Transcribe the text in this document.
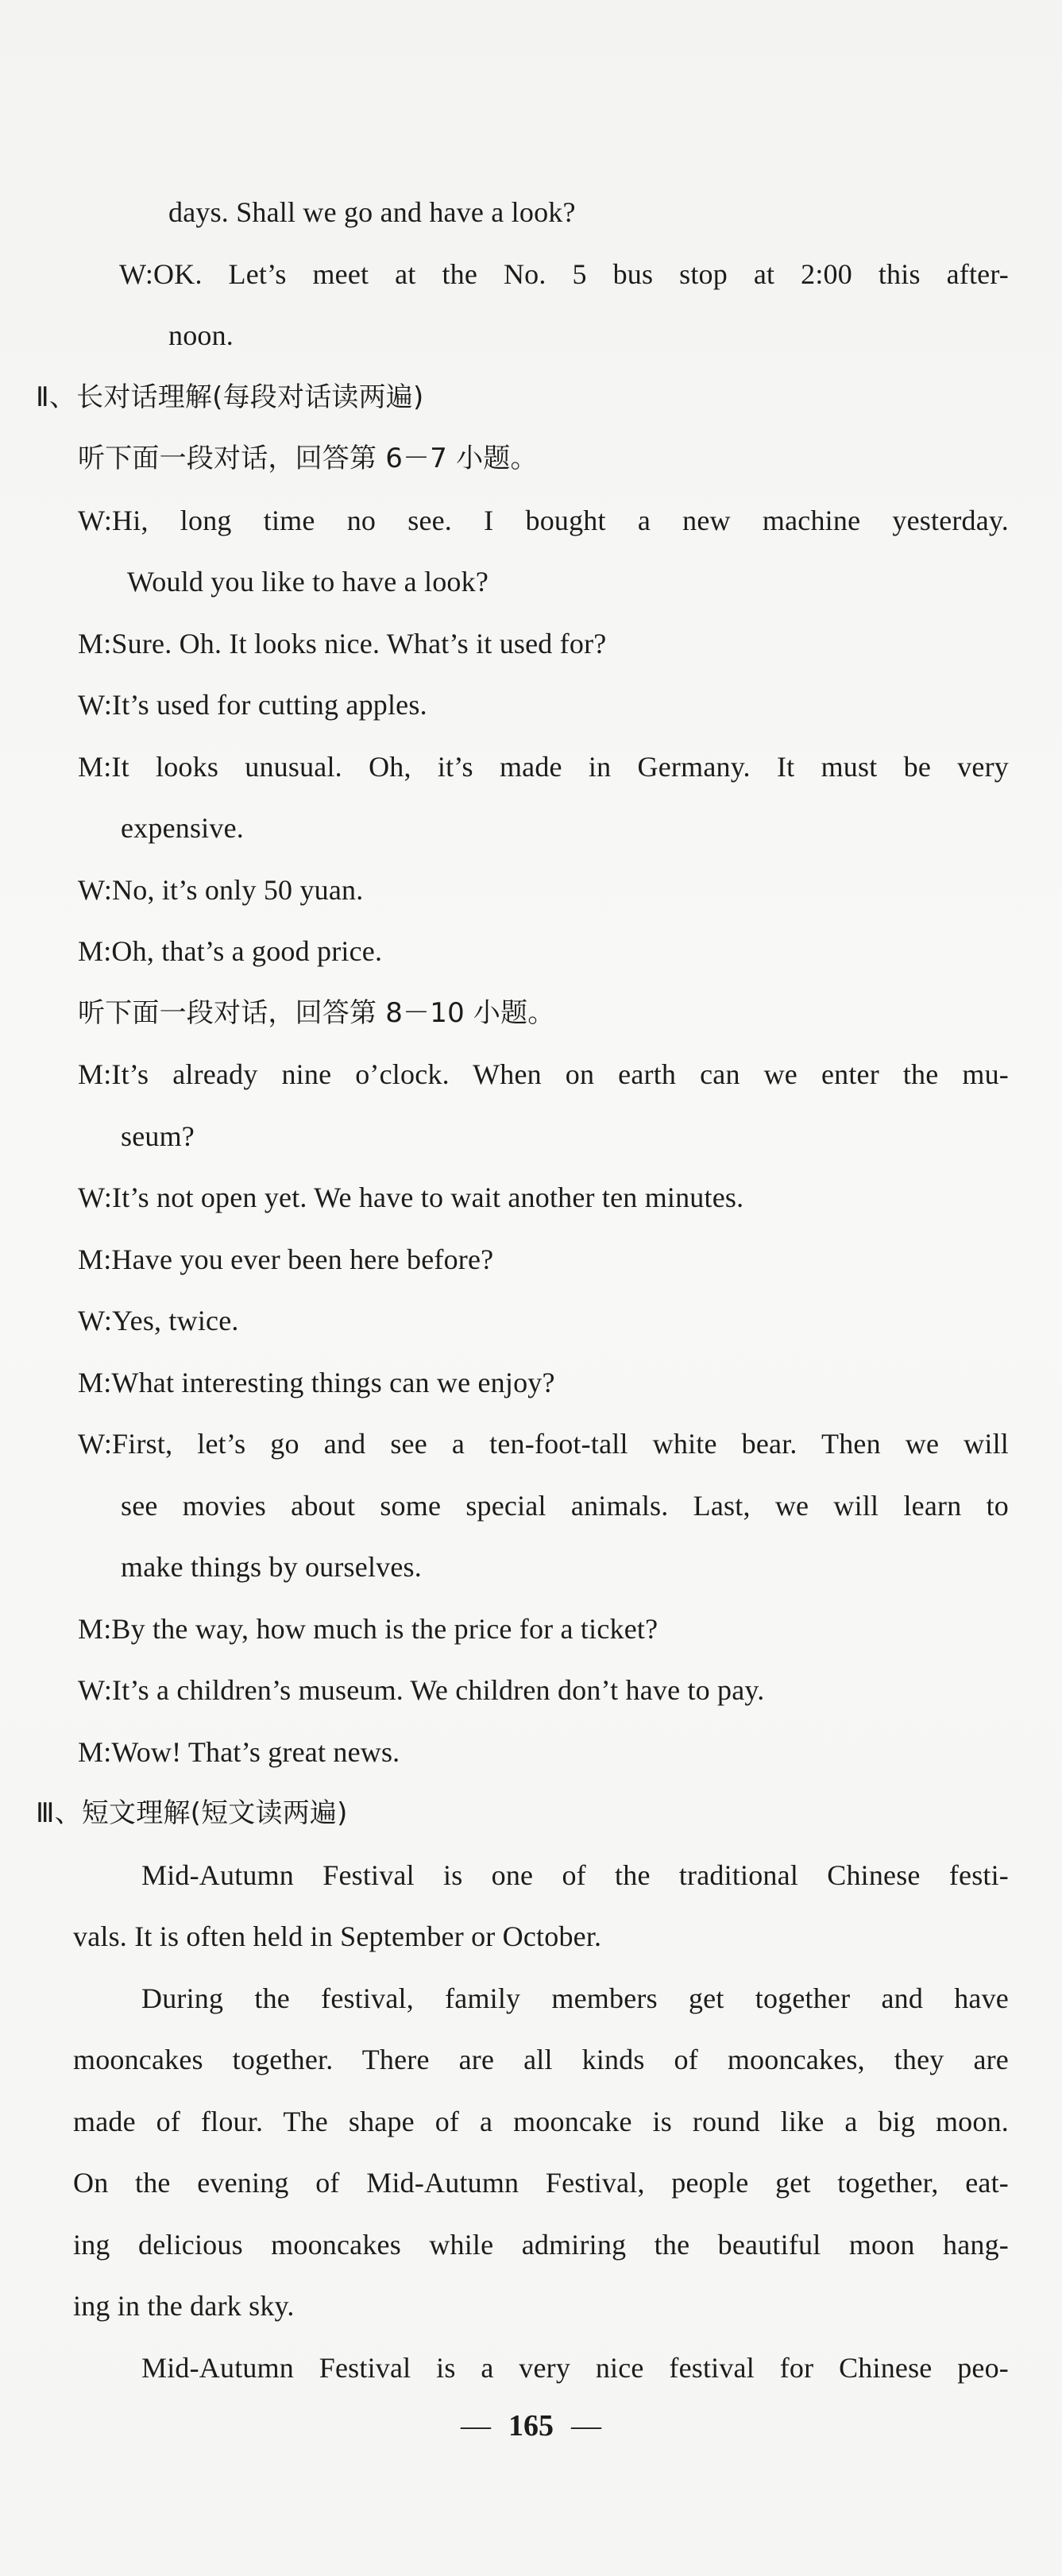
days. Shall we go and have a look?
W:OK. Let’s meet at the No. 5 bus stop at 2:00 this after-
noon.
Ⅱ、长对话理解(每段对话读两遍)
听下面一段对话，回答第 6－7 小题。
W:Hi, long time no see. I bought a new machine yesterday.
Would you like to have a look?
M:Sure. Oh. It looks nice. What’s it used for?
W:It’s used for cutting apples.
M:It looks unusual. Oh, it’s made in Germany. It must be very
expensive.
W:No, it’s only 50 yuan.
M:Oh, that’s a good price.
听下面一段对话，回答第 8－10 小题。
M:It’s already nine o’clock. When on earth can we enter the mu-
seum?
W:It’s not open yet. We have to wait another ten minutes.
M:Have you ever been here before?
W:Yes, twice.
M:What interesting things can we enjoy?
W:First, let’s go and see a ten-foot-tall white bear. Then we will
see movies about some special animals. Last, we will learn to
make things by ourselves.
M:By the way, how much is the price for a ticket?
W:It’s a children’s museum. We children don’t have to pay.
M:Wow! That’s great news.
Ⅲ、短文理解(短文读两遍)
Mid-Autumn Festival is one of the traditional Chinese festi-
vals. It is often held in September or October.
During the festival, family members get together and have
mooncakes together. There are all kinds of mooncakes, they are
made of flour. The shape of a mooncake is round like a big moon.
On the evening of Mid-Autumn Festival, people get together, eat-
ing delicious mooncakes while admiring the beautiful moon hang-
ing in the dark sky.
Mid-Autumn Festival is a very nice festival for Chinese peo-
— 165 —
